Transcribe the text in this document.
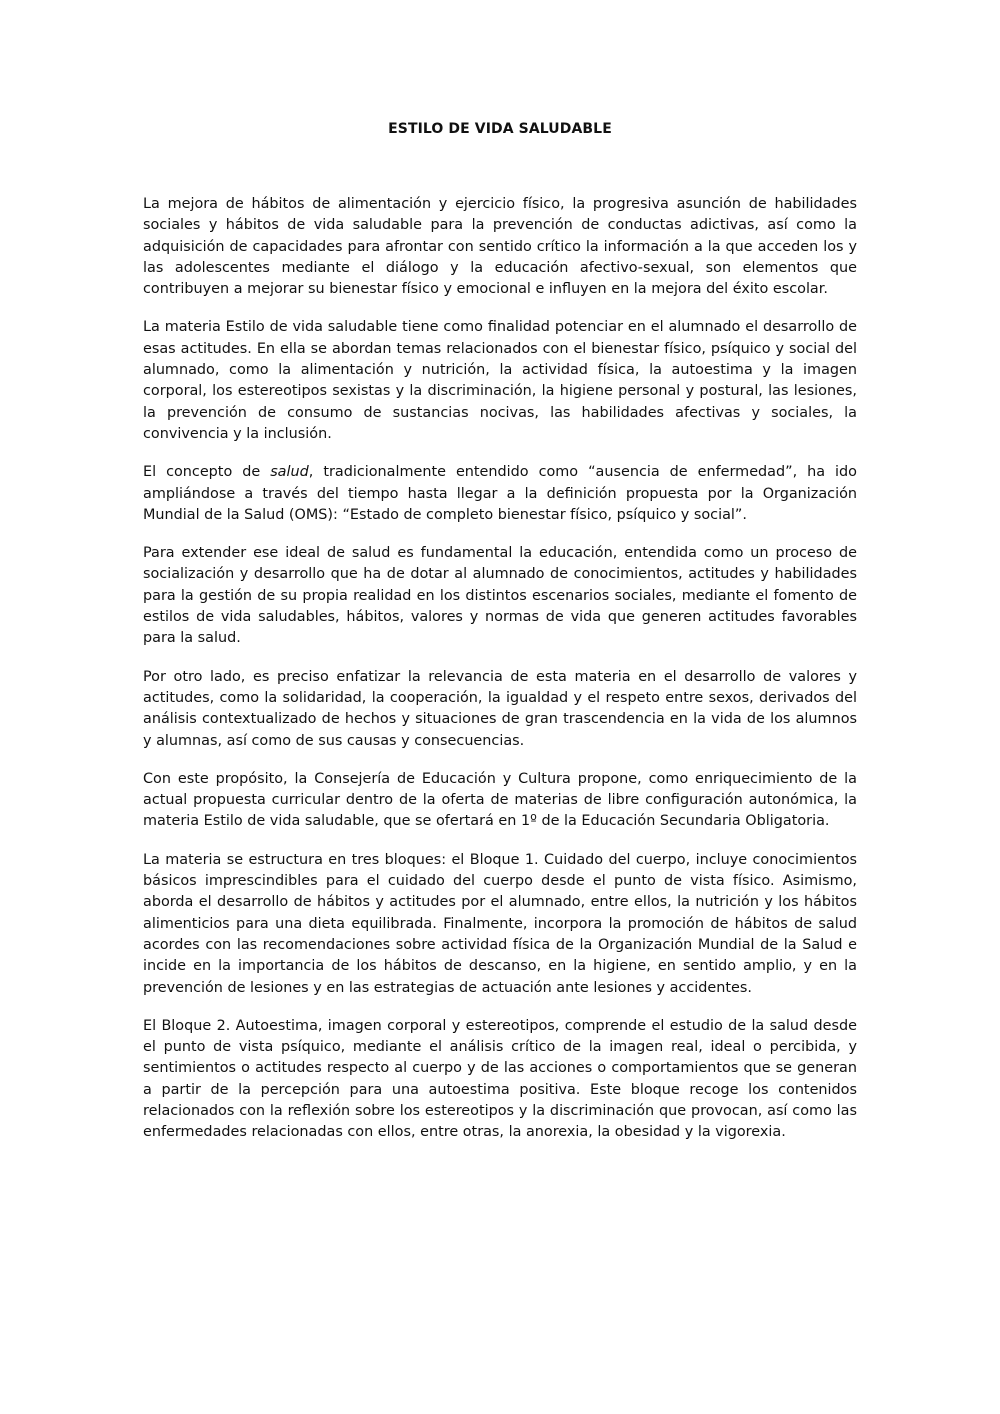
ESTILO DE VIDA SALUDABLE

La mejora de hábitos de alimentación y ejercicio físico, la progresiva asunción de habilidades sociales y hábitos de vida saludable para la prevención de conductas adictivas, así como la adquisición de capacidades para afrontar con sentido crítico la información a la que acceden los y las adolescentes mediante el diálogo y la educación afectivo-sexual, son elementos que contribuyen a mejorar su bienestar físico y emocional e influyen en la mejora del éxito escolar.

La materia Estilo de vida saludable tiene como finalidad potenciar en el alumnado el desarrollo de esas actitudes. En ella se abordan temas relacionados con el bienestar físico, psíquico y social del alumnado, como la alimentación y nutrición, la actividad física, la autoestima y la imagen corporal, los estereotipos sexistas y la discriminación, la higiene personal y postural, las lesiones, la prevención de consumo de sustancias nocivas, las habilidades afectivas y sociales, la convivencia y la inclusión.

El concepto de salud, tradicionalmente entendido como “ausencia de enfermedad”, ha ido ampliándose a través del tiempo hasta llegar a la definición propuesta por la Organización Mundial de la Salud (OMS): “Estado de completo bienestar físico, psíquico y social”.

Para extender ese ideal de salud es fundamental la educación, entendida como un proceso de socialización y desarrollo que ha de dotar al alumnado de conocimientos, actitudes y habilidades para la gestión de su propia realidad en los distintos escenarios sociales, mediante el fomento de estilos de vida saludables, hábitos, valores y normas de vida que generen actitudes favorables para la salud.

Por otro lado, es preciso enfatizar la relevancia de esta materia en el desarrollo de valores y actitudes, como la solidaridad, la cooperación, la igualdad y el respeto entre sexos, derivados del análisis contextualizado de hechos y situaciones de gran trascendencia en la vida de los alumnos y alumnas, así como de sus causas y consecuencias.

Con este propósito, la Consejería de Educación y Cultura propone, como enriquecimiento de la actual propuesta curricular dentro de la oferta de materias de libre configuración autonómica, la materia Estilo de vida saludable, que se ofertará en 1º de la Educación Secundaria Obligatoria.

La materia se estructura en tres bloques: el Bloque 1. Cuidado del cuerpo, incluye conocimientos básicos imprescindibles para el cuidado del cuerpo desde el punto de vista físico. Asimismo, aborda el desarrollo de hábitos y actitudes por el alumnado, entre ellos, la nutrición y los hábitos alimenticios para una dieta equilibrada. Finalmente, incorpora la promoción de hábitos de salud acordes con las recomendaciones sobre actividad física de la Organización Mundial de la Salud e incide en la importancia de los hábitos de descanso, en la higiene, en sentido amplio, y en la prevención de lesiones y en las estrategias de actuación ante lesiones y accidentes.

El Bloque 2. Autoestima, imagen corporal y estereotipos, comprende el estudio de la salud desde el punto de vista psíquico, mediante el análisis crítico de la imagen real, ideal o percibida, y sentimientos o actitudes respecto al cuerpo y de las acciones o comportamientos que se generan a partir de la percepción para una autoestima positiva. Este bloque recoge los contenidos relacionados con la reflexión sobre los estereotipos y la discriminación que provocan, así como las enfermedades relacionadas con ellos, entre otras, la anorexia, la obesidad y la vigorexia.
